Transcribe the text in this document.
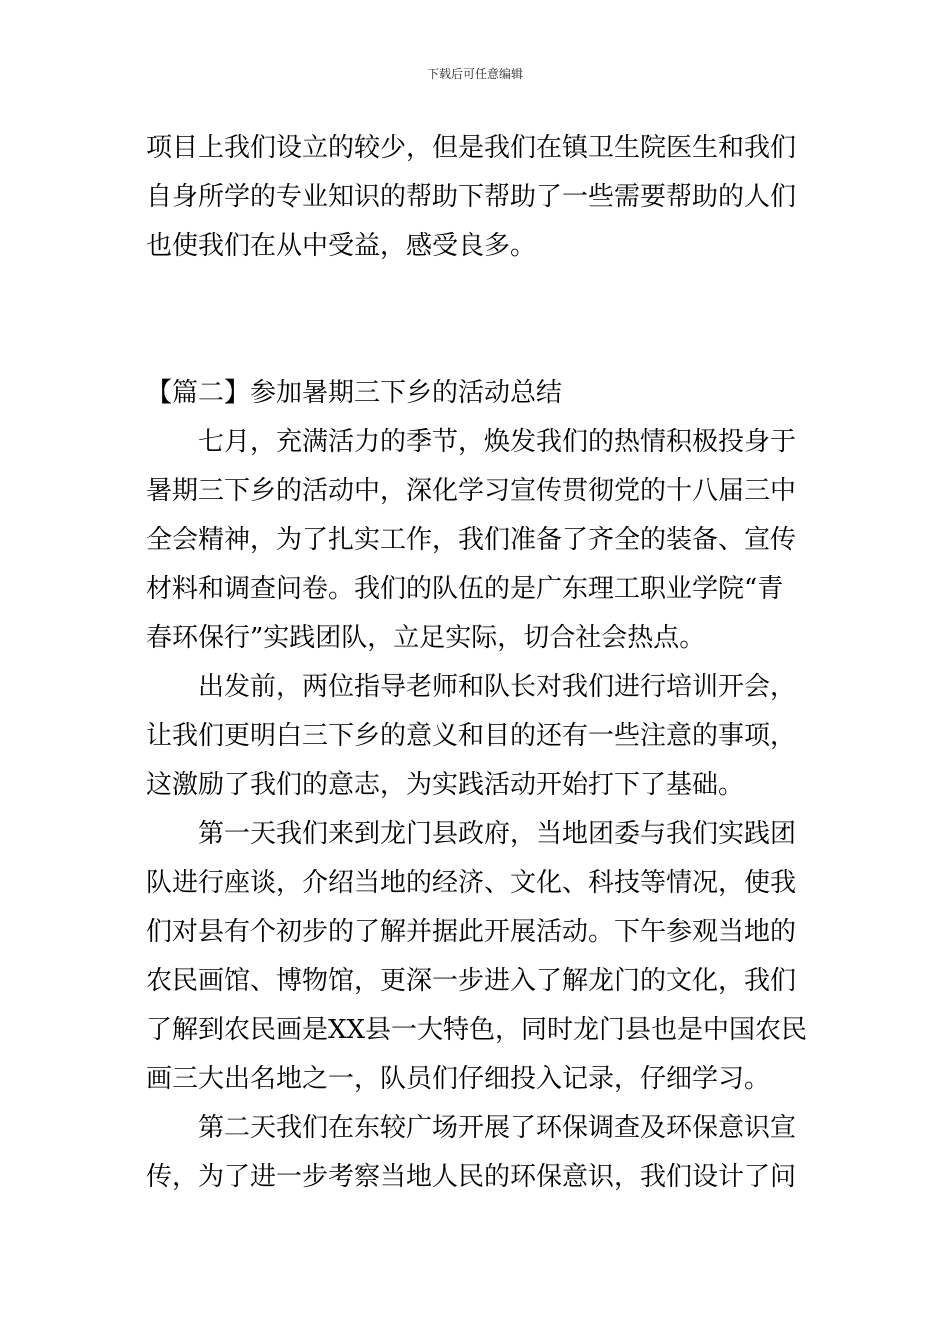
下载后可任意编辑

项目上我们设立的较少，但是我们在镇卫生院医生和我们
自身所学的专业知识的帮助下帮助了一些需要帮助的人们
也使我们在从中受益，感受良多。

【篇二】参加暑期三下乡的活动总结

七月，充满活力的季节，焕发我们的热情积极投身于
暑期三下乡的活动中，深化学习宣传贯彻党的十八届三中
全会精神，为了扎实工作，我们准备了齐全的装备、宣传
材料和调查问卷。我们的队伍的是广东理工职业学院“青
春环保行”实践团队，立足实际，切合社会热点。

出发前，两位指导老师和队长对我们进行培训开会，
让我们更明白三下乡的意义和目的还有一些注意的事项，
这激励了我们的意志，为实践活动开始打下了基础。

第一天我们来到龙门县政府，当地团委与我们实践团
队进行座谈，介绍当地的经济、文化、科技等情况，使我
们对县有个初步的了解并据此开展活动。下午参观当地的
农民画馆、博物馆，更深一步进入了解龙门的文化，我们
了解到农民画是XX县一大特色，同时龙门县也是中国农民
画三大出名地之一，队员们仔细投入记录，仔细学习。

第二天我们在东较广场开展了环保调查及环保意识宣
传，为了进一步考察当地人民的环保意识，我们设计了问
